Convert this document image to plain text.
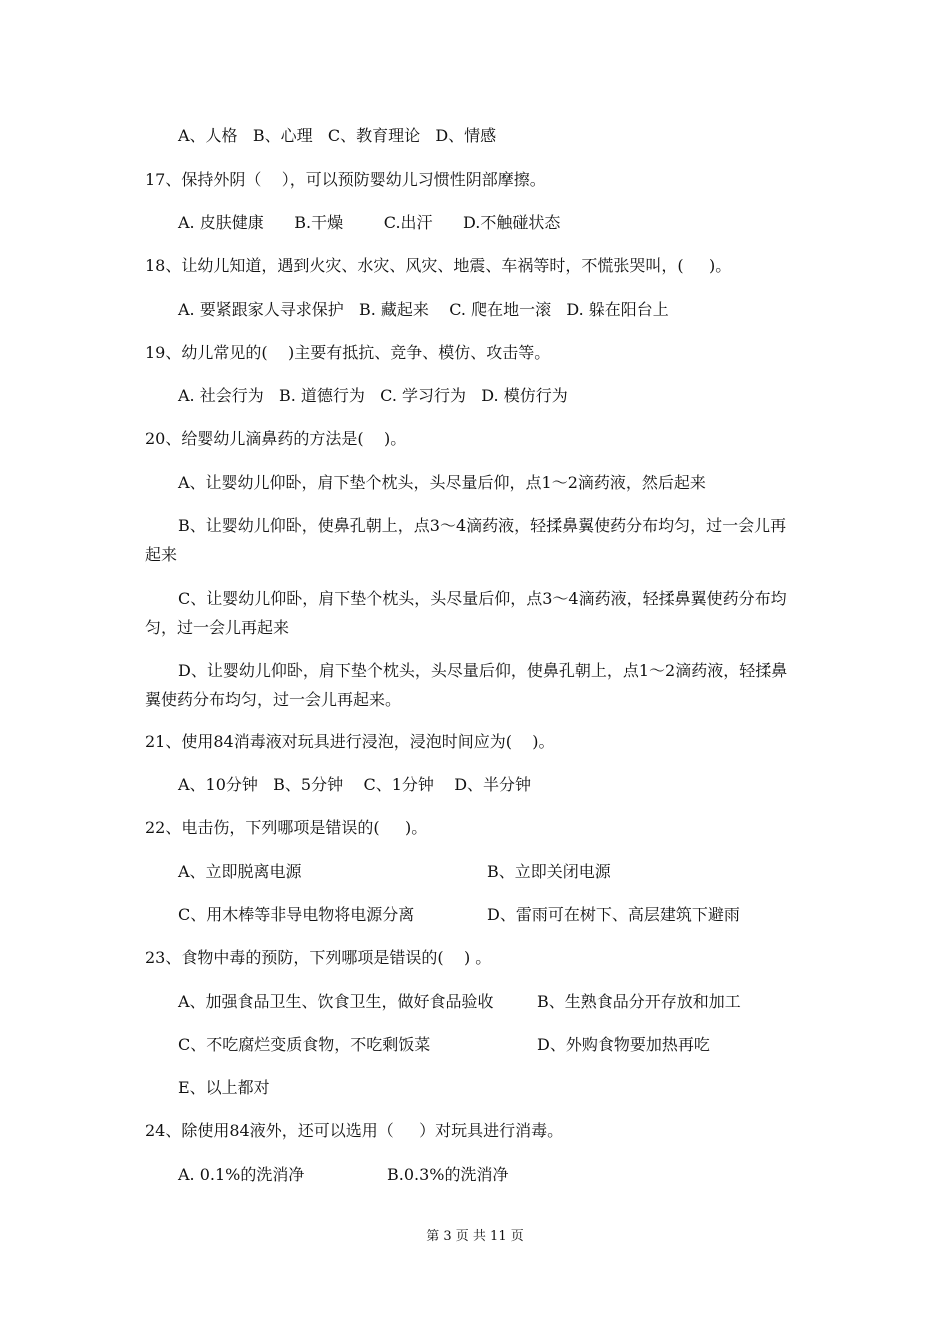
A、人格   B、心理   C、教育理论   D、情感
17、保持外阴（    ），可以预防婴幼儿习惯性阴部摩擦。
A. 皮肤健康      B.干燥        C.出汗      D.不触碰状态
18、让幼儿知道，遇到火灾、水灾、风灾、地震、车祸等时，不慌张哭叫，(     )。
A. 要紧跟家人寻求保护   B. 藏起来    C. 爬在地一滚   D. 躲在阳台上
19、幼儿常见的(    )主要有抵抗、竞争、模仿、攻击等。
A. 社会行为   B. 道德行为   C. 学习行为   D. 模仿行为
20、给婴幼儿滴鼻药的方法是(    )。
A、让婴幼儿仰卧，肩下垫个枕头，头尽量后仰，点1～2滴药液，然后起来
B、让婴幼儿仰卧，使鼻孔朝上，点3～4滴药液，轻揉鼻翼使药分布均匀，过一会儿再
起来
C、让婴幼儿仰卧，肩下垫个枕头，头尽量后仰，点3～4滴药液，轻揉鼻翼使药分布均
匀，过一会儿再起来
D、让婴幼儿仰卧，肩下垫个枕头，头尽量后仰，使鼻孔朝上，点1～2滴药液，轻揉鼻
翼使药分布均匀，过一会儿再起来。
21、使用84消毒液对玩具进行浸泡，浸泡时间应为(    )。
A、10分钟   B、5分钟    C、1分钟    D、半分钟
22、电击伤，下列哪项是错误的(     )。
A、立即脱离电源	B、立即关闭电源
C、用木棒等非导电物将电源分离	D、雷雨可在树下、高层建筑下避雨
23、食物中毒的预防，下列哪项是错误的(    ) 。
A、加强食品卫生、饮食卫生，做好食品验收	B、生熟食品分开存放和加工
C、不吃腐烂变质食物，不吃剩饭菜	D、外购食物要加热再吃
E、以上都对
24、除使用84液外，还可以选用（     ）对玩具进行消毒。
A. 0.1%的洗消净	B.0.3%的洗消净
第 3 页 共 11 页
